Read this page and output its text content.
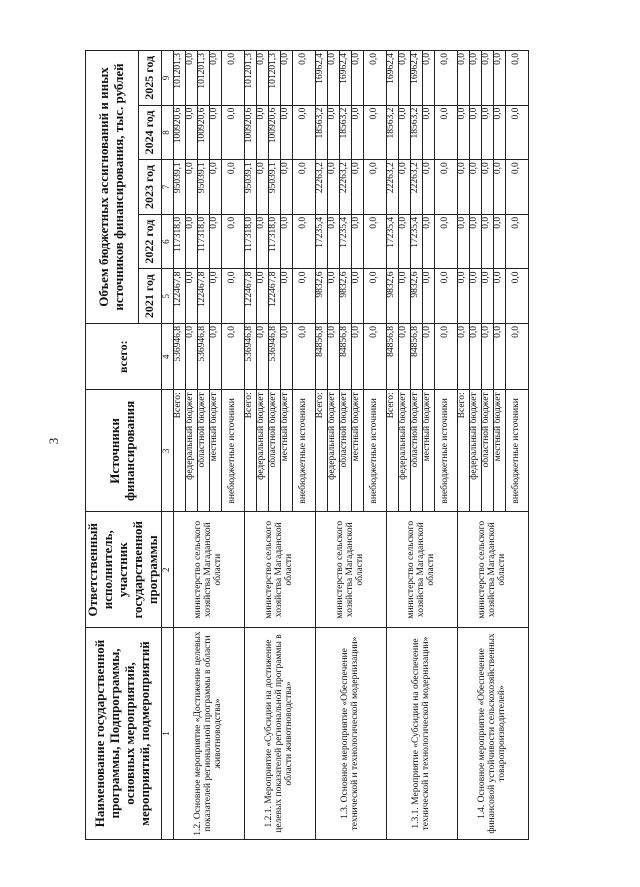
3
Наименование государственной программы, Подпрограммы, основных мероприятий, мероприятий, подмероприятий	Ответственный исполнитель, участник государственной программы	Источники финансирования	всего:	Объем бюджетных ассигнований и иных источников финансирования, тыс. рублей				
				2021 год	2022 год	2023 год	2024 год	2025 год
1	2	3	4	5	6	7	8	9
1.2. Основное мероприятие «Достижение целевых показателей региональной программы в области животноводства»	министерство сельского хозяйства Магаданской области	Всего:	536946,8	122467,8	117318,0	95039,1	100920,6	101201,3
		федеральный бюджет	0,0	0,0	0,0	0,0	0,0	0,0
		областной бюджет	536946,8	122467,8	117318,0	95039,1	100920,6	101201,3
		местный бюджет	0,0	0,0	0,0	0,0	0,0	0,0
		внебюджетные источники	0,0	0,0	0,0	0,0	0,0	0,0
1.2.1. Мероприятие «Субсидии на достижение целевых показателей региональной программы в области животноводства»	министерство сельского хозяйства Магаданской области	Всего:	536946,8	122467,8	117318,0	95039,1	100920,6	101201,3
		федеральный бюджет	0,0	0,0	0,0	0,0	0,0	0,0
		областной бюджет	536946,8	122467,8	117318,0	95039,1	100920,6	101201,3
		местный бюджет	0,0	0,0	0,0	0,0	0,0	0,0
		внебюджетные источники	0,0	0,0	0,0	0,0	0,0	0,0
1.3. Основное мероприятие «Обеспечение технической и технологической модернизации»	министерство сельского хозяйства Магаданской области	Всего:	84856,8	9832,6	17235,4	22263,2	18563,2	16962,4
		федеральный бюджет	0,0	0,0	0,0	0,0	0,0	0,0
		областной бюджет	84856,8	9832,6	17235,4	22263,2	18563,2	16962,4
		местный бюджет	0,0	0,0	0,0	0,0	0,0	0,0
		внебюджетные источники	0,0	0,0	0,0	0,0	0,0	0,0
1.3.1. Мероприятие «Субсидии на обеспечение технической и технологической модернизации»	министерство сельского хозяйства Магаданской области	Всего:	84856,8	9832,6	17235,4	22263,2	18563,2	16962,4
		федеральный бюджет	0,0	0,0	0,0	0,0	0,0	0,0
		областной бюджет	84856,8	9832,6	17235,4	22263,2	18563,2	16962,4
		местный бюджет	0,0	0,0	0,0	0,0	0,0	0,0
		внебюджетные источники	0,0	0,0	0,0	0,0	0,0	0,0
1.4. Основное мероприятие «Обеспечение финансовой устойчивости сельскохозяйственных товаропроизводителей»	министерство сельского хозяйства Магаданской области	Всего:	0,0	0,0	0,0	0,0	0,0	0,0
		федеральный бюджет	0,0	0,0	0,0	0,0	0,0	0,0
		областной бюджет	0,0	0,0	0,0	0,0	0,0	0,0
		местный бюджет	0,0	0,0	0,0	0,0	0,0	0,0
		внебюджетные источники	0,0	0,0	0,0	0,0	0,0	0,0
